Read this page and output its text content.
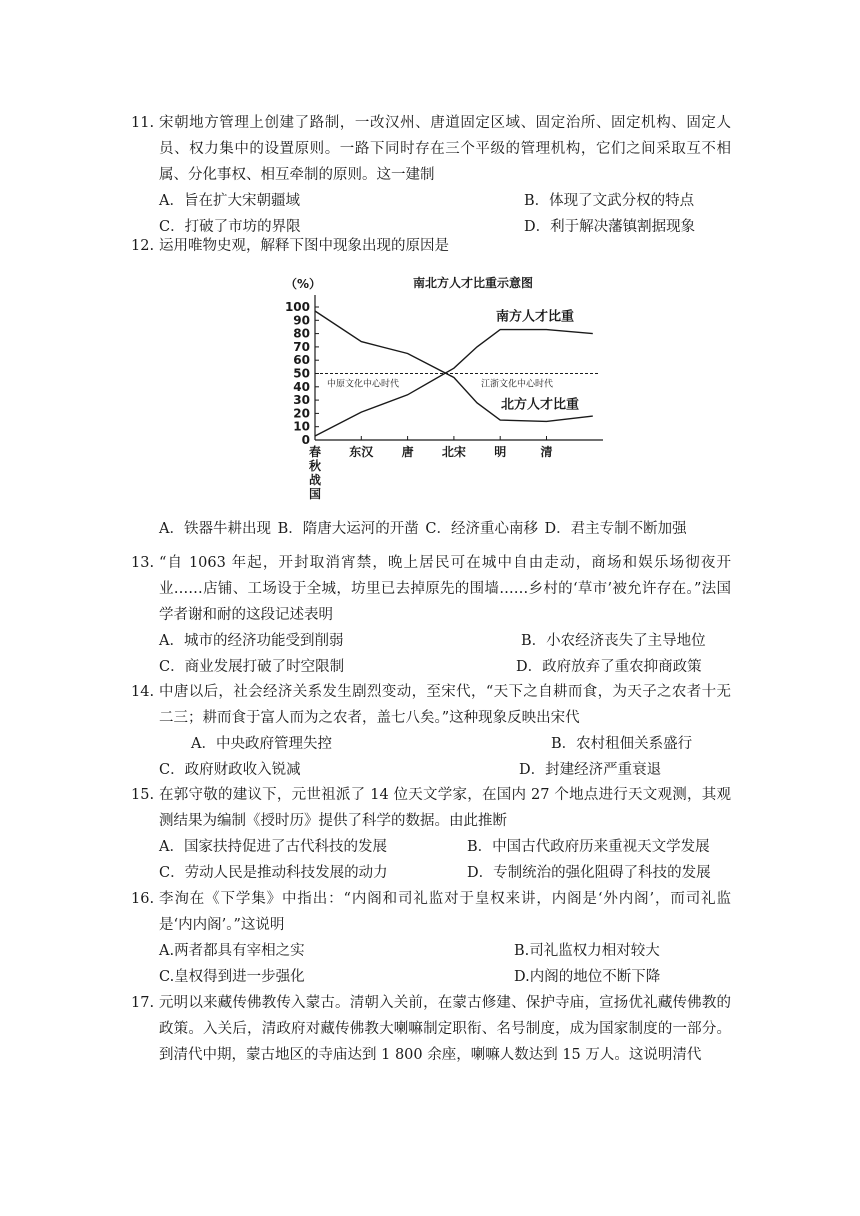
11. 宋朝地方管理上创建了路制，一改汉州、唐道固定区域、固定治所、固定机构、固定人员、权力集中的设置原则。一路下同时存在三个平级的管理机构，它们之间采取互不相属、分化事权、相互牵制的原则。这一建制
A．旨在扩大宋朝疆域	B．体现了文武分权的特点
C．打破了市坊的界限	D．利于解决藩镇割据现象
12. 运用唯物史观，解释下图中现象出现的原因是
南北方人才比重示意图
（%）
0
10
20
30
40
50
60
70
80
90
100
春秋战国
东汉 唐 北宋 明	清
中原文化中心时代	江浙文化中心时代
南方人才比重
北方人才比重
A．铁器牛耕出现 B．隋唐大运河的开凿 C．经济重心南移 D．君主专制不断加强
13. “自 1063 年起，开封取消宵禁，晚上居民可在城中自由走动，商场和娱乐场彻夜开业……店铺、工场设于全城，坊里已去掉原先的围墙……乡村的‘草市’被允许存在。”法国学者谢和耐的这段记述表明
A．城市的经济功能受到削弱	B．小农经济丧失了主导地位
C．商业发展打破了时空限制	D．政府放弃了重农抑商政策
14. 中唐以后，社会经济关系发生剧烈变动，至宋代，“天下之自耕而食，为天子之农者十无二三；耕而食于富人而为之农者，盖七八矣。”这种现象反映出宋代
A．中央政府管理失控	B．农村租佃关系盛行
C．政府财政收入锐减	D．封建经济严重衰退
15. 在郭守敬的建议下，元世祖派了 14 位天文学家，在国内 27 个地点进行天文观测，其观测结果为编制《授时历》提供了科学的数据。由此推断
A．国家扶持促进了古代科技的发展	B．中国古代政府历来重视天文学发展
C．劳动人民是推动科技发展的动力	D．专制统治的强化阻碍了科技的发展
16. 李洵在《下学集》中指出：“内阁和司礼监对于皇权来讲，内阁是‘外内阁’，而司礼监是‘内内阁’。”这说明
A.两者都具有宰相之实	B.司礼监权力相对较大
C.皇权得到进一步强化	D.内阁的地位不断下降
17. 元明以来藏传佛教传入蒙古。清朝入关前，在蒙古修建、保护寺庙，宣扬优礼藏传佛教的政策。入关后，清政府对藏传佛教大喇嘛制定职衔、名号制度，成为国家制度的一部分。到清代中期，蒙古地区的寺庙达到 1 800 余座，喇嘛人数达到 15 万人。这说明清代
